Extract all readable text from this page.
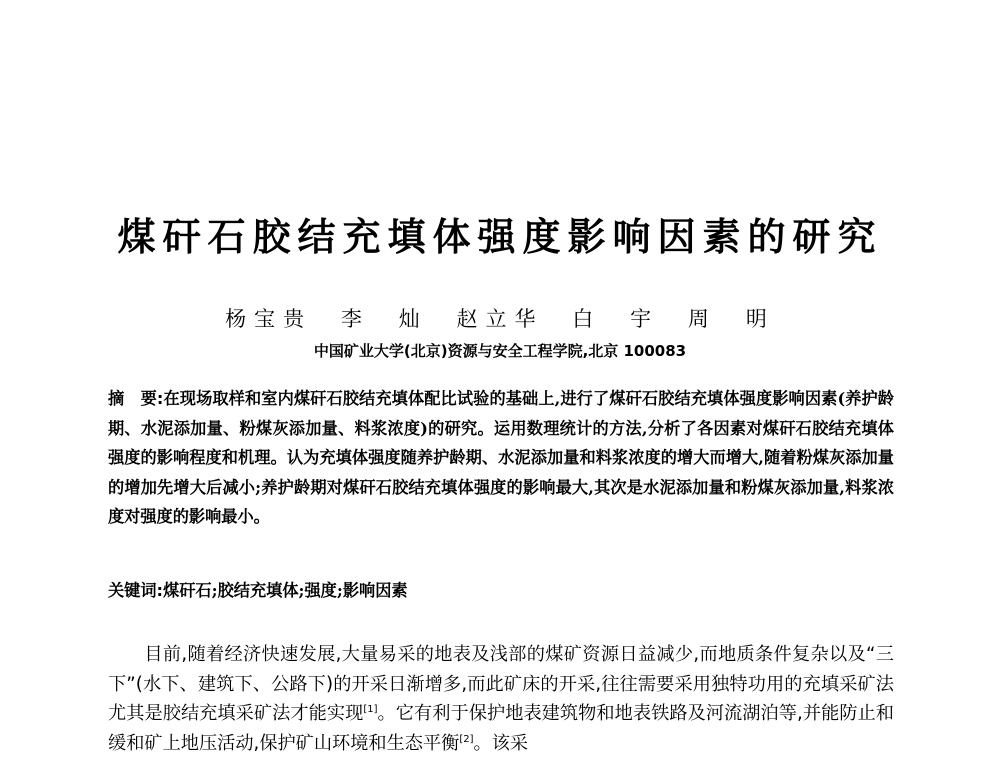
煤矸石胶结充填体强度影响因素的研究
杨宝贵 李　灿 赵立华 白　宇 周　明
中国矿业大学(北京)资源与安全工程学院,北京 100083
摘　要:在现场取样和室内煤矸石胶结充填体配比试验的基础上,进行了煤矸石胶结充填体强度影响因素(养护龄期、水泥添加量、粉煤灰添加量、料浆浓度)的研究。运用数理统计的方法,分析了各因素对煤矸石胶结充填体强度的影响程度和机理。认为充填体强度随养护龄期、水泥添加量和料浆浓度的增大而增大,随着粉煤灰添加量的增加先增大后减小;养护龄期对煤矸石胶结充填体强度的影响最大,其次是水泥添加量和粉煤灰添加量,料浆浓度对强度的影响最小。
关键词:煤矸石;胶结充填体;强度;影响因素
目前,随着经济快速发展,大量易采的地表及浅部的煤矿资源日益减少,而地质条件复杂以及“三下”(水下、建筑下、公路下)的开采日渐增多,而此矿床的开采,往往需要采用独特功用的充填采矿法尤其是胶结充填采矿法才能实现[1]。它有利于保护地表建筑物和地表铁路及河流湖泊等,并能防止和缓和矿上地压活动,保护矿山环境和生态平衡[2]。该采
